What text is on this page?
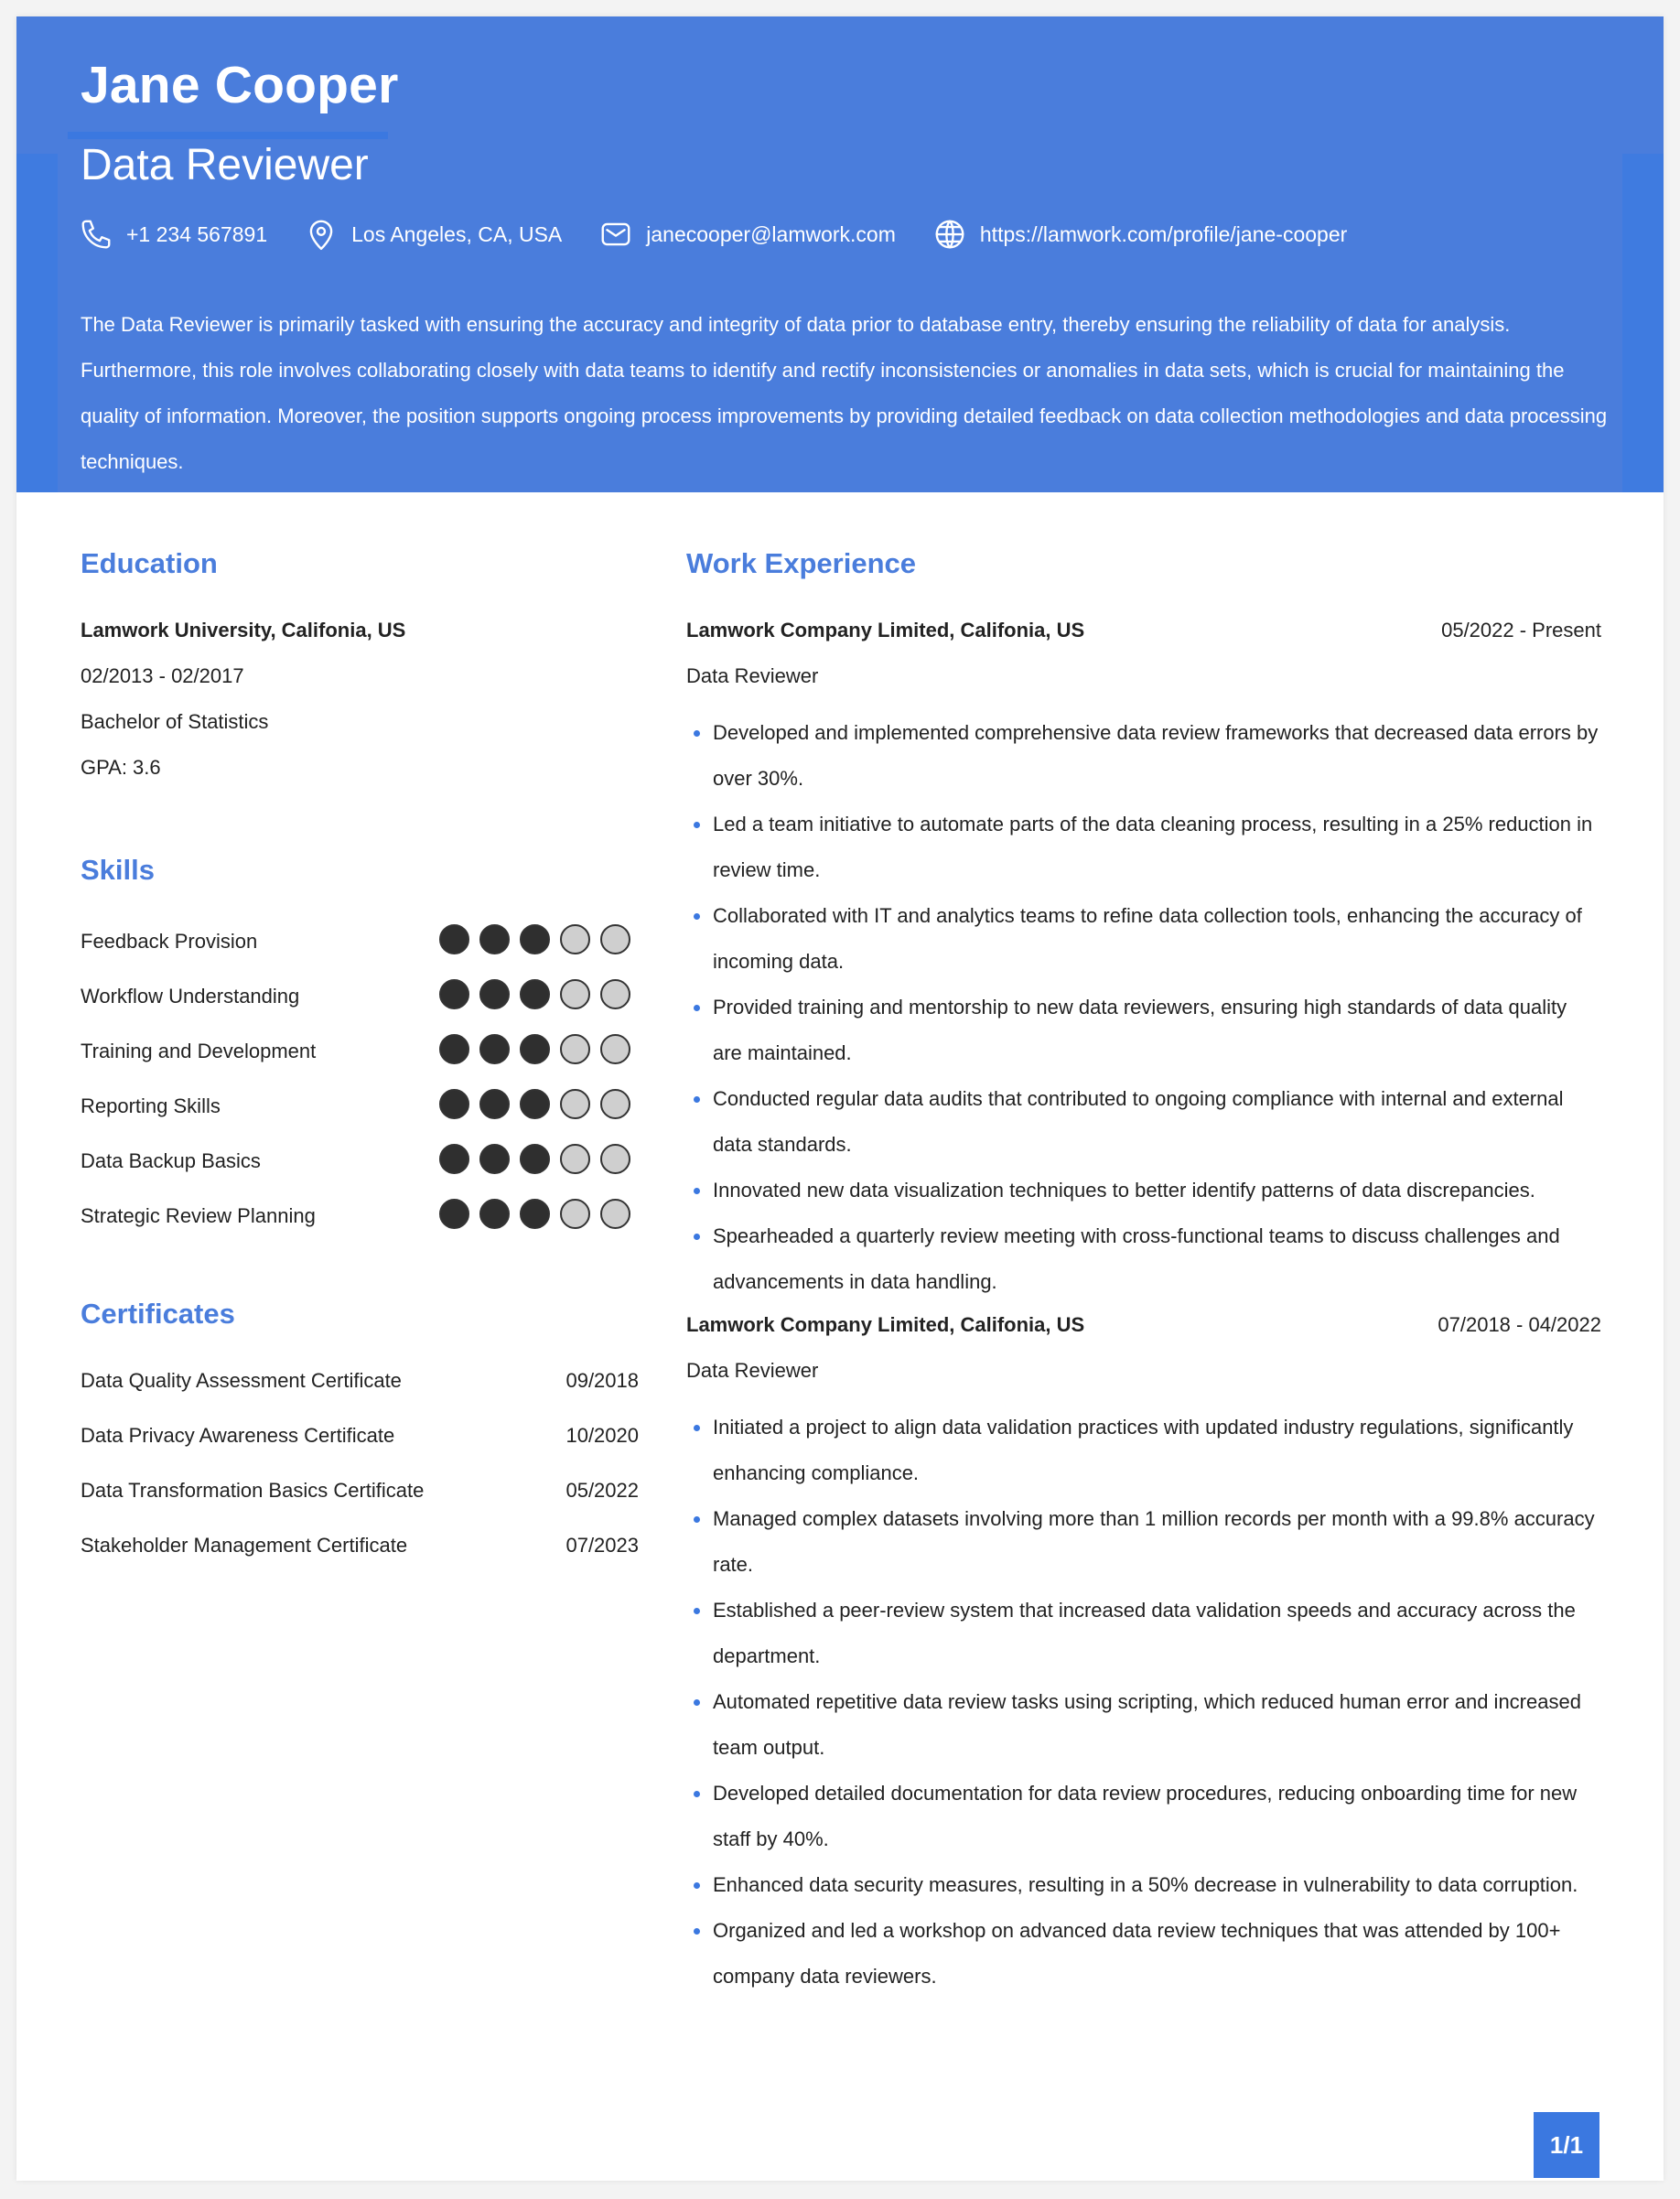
Jane Cooper
Data Reviewer
+1 234 567891	Los Angeles, CA, USA	janecooper@lamwork.com	https://lamwork.com/profile/jane-cooper
The Data Reviewer is primarily tasked with ensuring the accuracy and integrity of data prior to database entry, thereby ensuring the reliability of data for analysis. Furthermore, this role involves collaborating closely with data teams to identify and rectify inconsistencies or anomalies in data sets, which is crucial for maintaining the quality of information. Moreover, the position supports ongoing process improvements by providing detailed feedback on data collection methodologies and data processing techniques.
Education
Lamwork University, Califonia, US
02/2013 - 02/2017
Bachelor of Statistics
GPA: 3.6
Skills
Feedback Provision
Workflow Understanding
Training and Development
Reporting Skills
Data Backup Basics
Strategic Review Planning
Certificates
Data Quality Assessment Certificate	09/2018
Data Privacy Awareness Certificate	10/2020
Data Transformation Basics Certificate	05/2022
Stakeholder Management Certificate	07/2023
Work Experience
Lamwork Company Limited, Califonia, US	05/2022 - Present
Data Reviewer
Developed and implemented comprehensive data review frameworks that decreased data errors by over 30%.
Led a team initiative to automate parts of the data cleaning process, resulting in a 25% reduction in review time.
Collaborated with IT and analytics teams to refine data collection tools, enhancing the accuracy of incoming data.
Provided training and mentorship to new data reviewers, ensuring high standards of data quality are maintained.
Conducted regular data audits that contributed to ongoing compliance with internal and external data standards.
Innovated new data visualization techniques to better identify patterns of data discrepancies.
Spearheaded a quarterly review meeting with cross-functional teams to discuss challenges and advancements in data handling.
Lamwork Company Limited, Califonia, US	07/2018 - 04/2022
Data Reviewer
Initiated a project to align data validation practices with updated industry regulations, significantly enhancing compliance.
Managed complex datasets involving more than 1 million records per month with a 99.8% accuracy rate.
Established a peer-review system that increased data validation speeds and accuracy across the department.
Automated repetitive data review tasks using scripting, which reduced human error and increased team output.
Developed detailed documentation for data review procedures, reducing onboarding time for new staff by 40%.
Enhanced data security measures, resulting in a 50% decrease in vulnerability to data corruption.
Organized and led a workshop on advanced data review techniques that was attended by 100+ company data reviewers.
1/1
